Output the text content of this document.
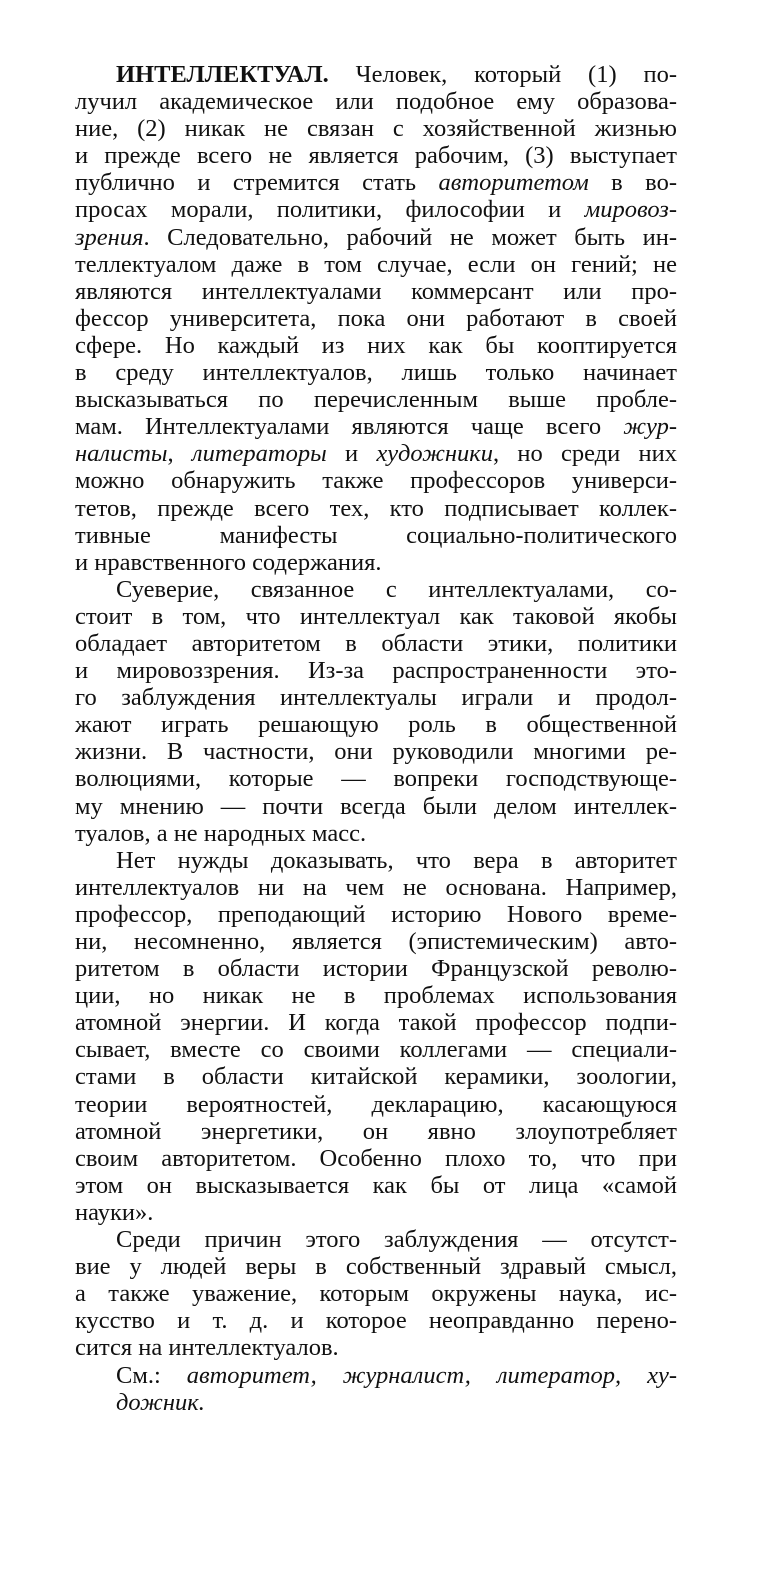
ИНТЕЛЛЕКТУАЛ. Человек, который (1) по-
лучил академическое или подобное ему образова-
ние, (2) никак не связан с хозяйственной жизнью
и прежде всего не является рабочим, (3) выступает
публично и стремится стать авторитетом в во-
просах морали, политики, философии и мировоз-
зрения. Следовательно, рабочий не может быть ин-
теллектуалом даже в том случае, если он гений; не
являются интеллектуалами коммерсант или про-
фессор университета, пока они работают в своей
сфере. Но каждый из них как бы кооптируется
в среду интеллектуалов, лишь только начинает
высказываться по перечисленным выше пробле-
мам. Интеллектуалами являются чаще всего жур-
налисты, литераторы и художники, но среди них
можно обнаружить также профессоров универси-
тетов, прежде всего тех, кто подписывает коллек-
тивные манифесты социально-политического
и нравственного содержания.
Суеверие, связанное с интеллектуалами, со-
стоит в том, что интеллектуал как таковой якобы
обладает авторитетом в области этики, политики
и мировоззрения. Из-за распространенности это-
го заблуждения интеллектуалы играли и продол-
жают играть решающую роль в общественной
жизни. В частности, они руководили многими ре-
волюциями, которые — вопреки господствующе-
му мнению — почти всегда были делом интеллек-
туалов, а не народных масс.
Нет нужды доказывать, что вера в авторитет
интеллектуалов ни на чем не основана. Например,
профессор, преподающий историю Нового време-
ни, несомненно, является (эпистемическим) авто-
ритетом в области истории Французской револю-
ции, но никак не в проблемах использования
атомной энергии. И когда такой профессор подпи-
сывает, вместе со своими коллегами — специали-
стами в области китайской керамики, зоологии,
теории вероятностей, декларацию, касающуюся
атомной энергетики, он явно злоупотребляет
своим авторитетом. Особенно плохо то, что при
этом он высказывается как бы от лица «самой
науки».
Среди причин этого заблуждения — отсутст-
вие у людей веры в собственный здравый смысл,
а также уважение, которым окружены наука, ис-
кусство и т. д. и которое неоправданно перено-
сится на интеллектуалов.
См.: авторитет, журналист, литератор, ху-
дожник.
